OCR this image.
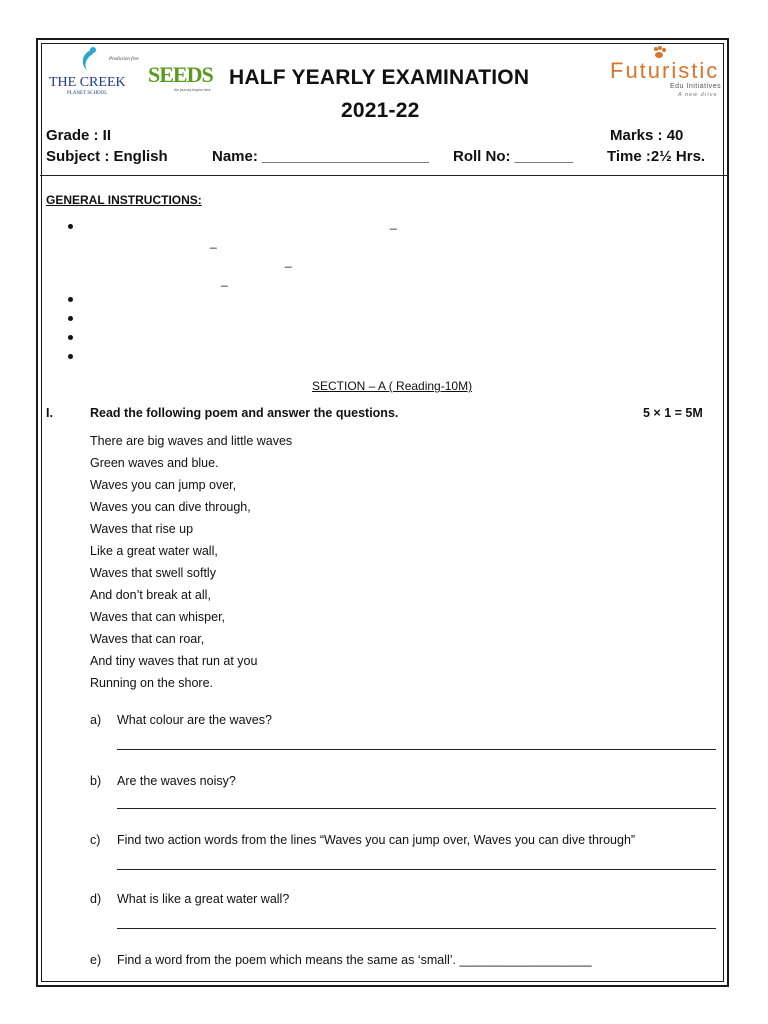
Prediction free
THE CREEK
PLANET SCHOOL
SEEDS
the journey begins here
Futuristic
Edu Initiatives
A new drive
HALF YEARLY EXAMINATION
2021-22
Grade : II	Marks : 40
Subject : English	Name: ____________________ Roll No: _______ Time :2½ Hrs.
GENERAL INSTRUCTIONS:
_
_
_
_
SECTION – A ( Reading-10M)
I.	Read the following poem and answer the questions.	5 × 1 = 5M
There are big waves and little waves
Green waves and blue.
Waves you can jump over,
Waves you can dive through,
Waves that rise up
Like a great water wall,
Waves that swell softly
And don’t break at all,
Waves that can whisper,
Waves that can roar,
And tiny waves that run at you
Running on the shore.
a) What colour are the waves?
b) Are the waves noisy?
c) Find two action words from the lines “Waves you can jump over, Waves you can dive through”
d) What is like a great water wall?
e) Find a word from the poem which means the same as ‘small’. ___________________
